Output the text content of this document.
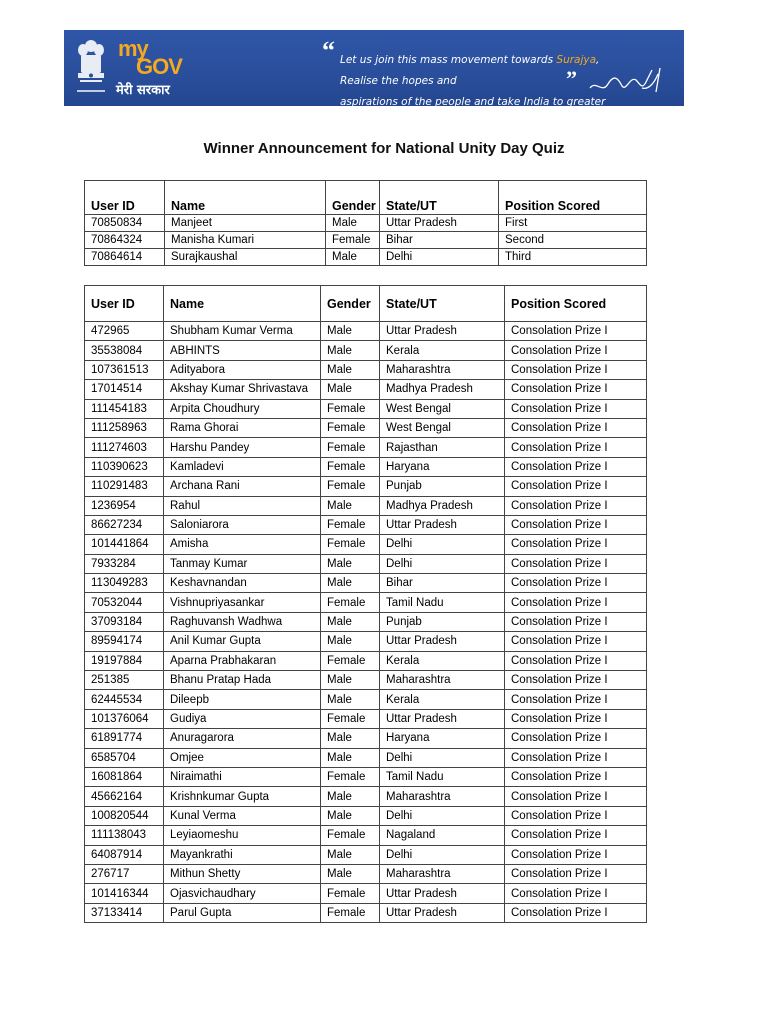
my
GOV
मेरी सरकार
“ Let us join this mass movement towards Surajya, Realise the hopes and
aspirations of the people and take India to greater heights!
”
Winner Announcement for National Unity Day Quiz
User ID	Name	Gender	State/UT	Position Scored
70850834	Manjeet	Male	Uttar Pradesh	First
70864324	Manisha Kumari	Female	Bihar	Second
70864614	Surajkaushal	Male	Delhi	Third
User ID	Name	Gender	State/UT	Position Scored
472965	Shubham Kumar Verma	Male	Uttar Pradesh	Consolation Prize I
35538084	ABHINTS	Male	Kerala	Consolation Prize I
107361513	Adityabora	Male	Maharashtra	Consolation Prize I
17014514	Akshay Kumar Shrivastava	Male	Madhya Pradesh	Consolation Prize I
111454183	Arpita Choudhury	Female	West Bengal	Consolation Prize I
111258963	Rama Ghorai	Female	West Bengal	Consolation Prize I
111274603	Harshu Pandey	Female	Rajasthan	Consolation Prize I
110390623	Kamladevi	Female	Haryana	Consolation Prize I
110291483	Archana Rani	Female	Punjab	Consolation Prize I
1236954	Rahul	Male	Madhya Pradesh	Consolation Prize I
86627234	Saloniarora	Female	Uttar Pradesh	Consolation Prize I
101441864	Amisha	Female	Delhi	Consolation Prize I
7933284	Tanmay Kumar	Male	Delhi	Consolation Prize I
113049283	Keshavnandan	Male	Bihar	Consolation Prize I
70532044	Vishnupriyasankar	Female	Tamil Nadu	Consolation Prize I
37093184	Raghuvansh Wadhwa	Male	Punjab	Consolation Prize I
89594174	Anil Kumar Gupta	Male	Uttar Pradesh	Consolation Prize I
19197884	Aparna Prabhakaran	Female	Kerala	Consolation Prize I
251385	Bhanu Pratap Hada	Male	Maharashtra	Consolation Prize I
62445534	Dileepb	Male	Kerala	Consolation Prize I
101376064	Gudiya	Female	Uttar Pradesh	Consolation Prize I
61891774	Anuragarora	Male	Haryana	Consolation Prize I
6585704	Omjee	Male	Delhi	Consolation Prize I
16081864	Niraimathi	Female	Tamil Nadu	Consolation Prize I
45662164	Krishnkumar Gupta	Male	Maharashtra	Consolation Prize I
100820544	Kunal Verma	Male	Delhi	Consolation Prize I
111138043	Leyiaomeshu	Female	Nagaland	Consolation Prize I
64087914	Mayankrathi	Male	Delhi	Consolation Prize I
276717	Mithun Shetty	Male	Maharashtra	Consolation Prize I
101416344	Ojasvichaudhary	Female	Uttar Pradesh	Consolation Prize I
37133414	Parul Gupta	Female	Uttar Pradesh	Consolation Prize I
